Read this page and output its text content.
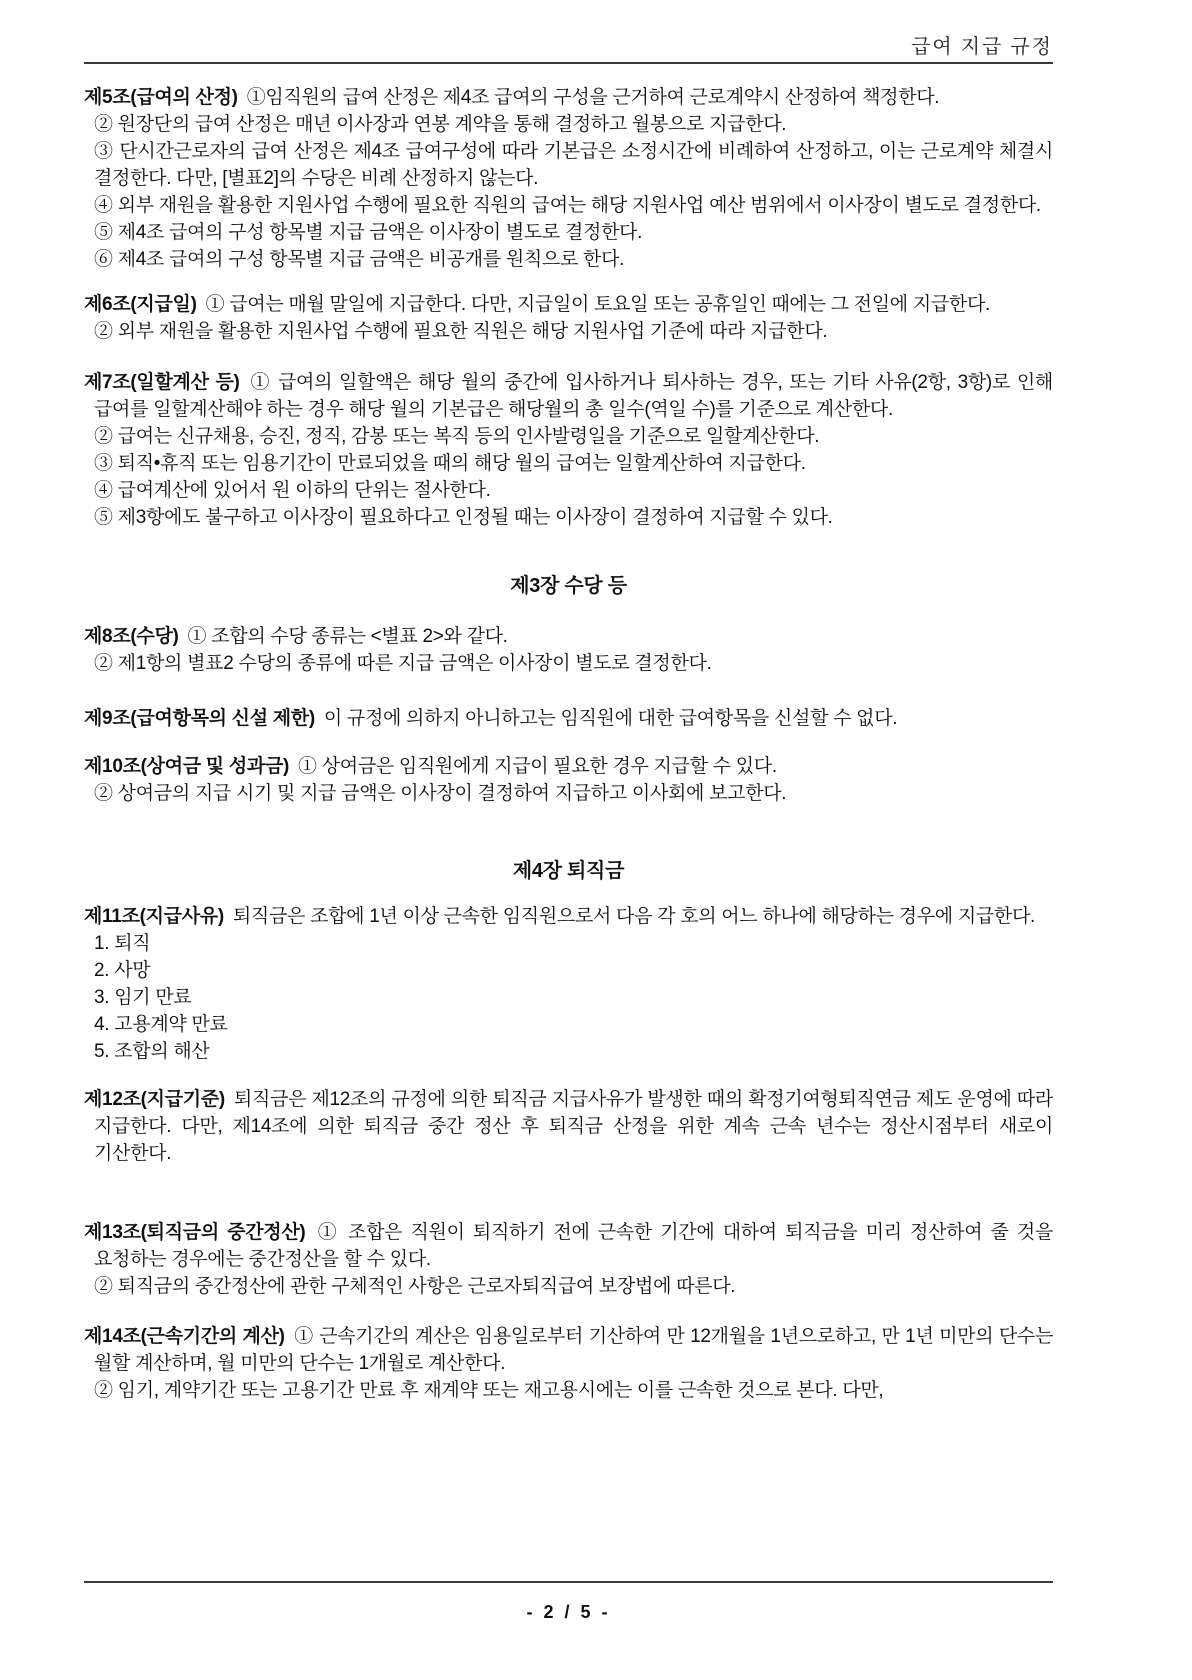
급여 지급 규정

제5조(급여의 산정) ①임직원의 급여 산정은 제4조 급여의 구성을 근거하여 근로계약시 산정하여 책정한다.

② 원장단의 급여 산정은 매년 이사장과 연봉 계약을 통해 결정하고 월봉으로 지급한다.

③ 단시간근로자의 급여 산정은 제4조 급여구성에 따라 기본급은 소정시간에 비례하여 산정하고, 이는 근로계약 체결시 결정한다. 다만, [별표2]의 수당은 비례 산정하지 않는다.

④ 외부 재원을 활용한 지원사업 수행에 필요한 직원의 급여는 해당 지원사업 예산 범위에서 이사장이 별도로 결정한다.

⑤ 제4조 급여의 구성 항목별 지급 금액은 이사장이 별도로 결정한다.

⑥ 제4조 급여의 구성 항목별 지급 금액은 비공개를 원칙으로 한다.

제6조(지급일) ① 급여는 매월 말일에 지급한다. 다만, 지급일이 토요일 또는 공휴일인 때에는 그 전일에 지급한다.

② 외부 재원을 활용한 지원사업 수행에 필요한 직원은 해당 지원사업 기준에 따라 지급한다.

제7조(일할계산 등) ① 급여의 일할액은 해당 월의 중간에 입사하거나 퇴사하는 경우, 또는 기타 사유(2항, 3항)로 인해 급여를 일할계산해야 하는 경우 해당 월의 기본급은 해당월의 총 일수(역일 수)를 기준으로 계산한다.

② 급여는 신규채용, 승진, 정직, 감봉 또는 복직 등의 인사발령일을 기준으로 일할계산한다.

③ 퇴직•휴직 또는 임용기간이 만료되었을 때의 해당 월의 급여는 일할계산하여 지급한다.

④ 급여계산에 있어서 원 이하의 단위는 절사한다.

⑤ 제3항에도 불구하고 이사장이 필요하다고 인정될 때는 이사장이 결정하여 지급할 수 있다.

제3장 수당 등

제8조(수당) ① 조합의 수당 종류는 <별표 2>와 같다.

② 제1항의 별표2 수당의 종류에 따른 지급 금액은 이사장이 별도로 결정한다.

제9조(급여항목의 신설 제한) 이 규정에 의하지 아니하고는 임직원에 대한 급여항목을 신설할 수 없다.

제10조(상여금 및 성과금) ① 상여금은 임직원에게 지급이 필요한 경우 지급할 수 있다.

② 상여금의 지급 시기 및 지급 금액은 이사장이 결정하여 지급하고 이사회에 보고한다.

제4장 퇴직금

제11조(지급사유) 퇴직금은 조합에 1년 이상 근속한 임직원으로서 다음 각 호의 어느 하나에 해당하는 경우에 지급한다.

1. 퇴직

2. 사망

3. 임기 만료

4. 고용계약 만료

5. 조합의 해산

제12조(지급기준) 퇴직금은 제12조의 규정에 의한 퇴직금 지급사유가 발생한 때의 확정기여형퇴직연금 제도 운영에 따라 지급한다. 다만, 제14조에 의한 퇴직금 중간 정산 후 퇴직금 산정을 위한 계속 근속 년수는 정산시점부터 새로이 기산한다.

제13조(퇴직금의 중간정산) ① 조합은 직원이 퇴직하기 전에 근속한 기간에 대하여 퇴직금을 미리 정산하여 줄 것을 요청하는 경우에는 중간정산을 할 수 있다.

② 퇴직금의 중간정산에 관한 구체적인 사항은 근로자퇴직급여 보장법에 따른다.

제14조(근속기간의 계산) ① 근속기간의 계산은 임용일로부터 기산하여 만 12개월을 1년으로하고, 만 1년 미만의 단수는 월할 계산하며, 월 미만의 단수는 1개월로 계산한다.

② 임기, 계약기간 또는 고용기간 만료 후 재계약 또는 재고용시에는 이를 근속한 것으로 본다. 다만,

- 2 / 5 -
